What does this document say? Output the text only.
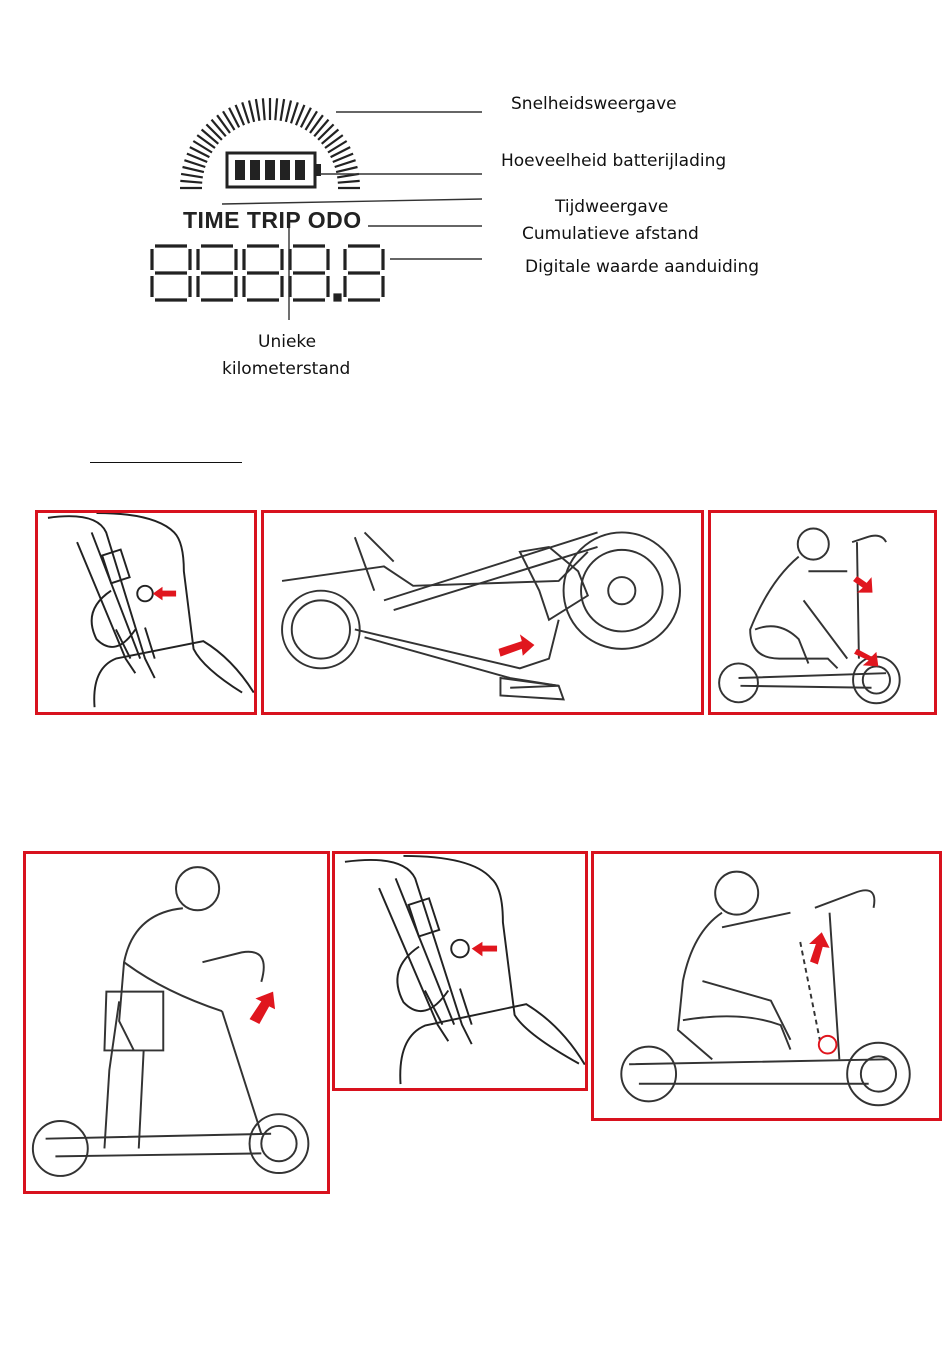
TIME TRIP ODO
Snelheidsweergave
Hoeveelheid batterijlading
Tijdweergave
Cumulatieve afstand
Digitale waarde aanduiding
Unieke
kilometerstand
